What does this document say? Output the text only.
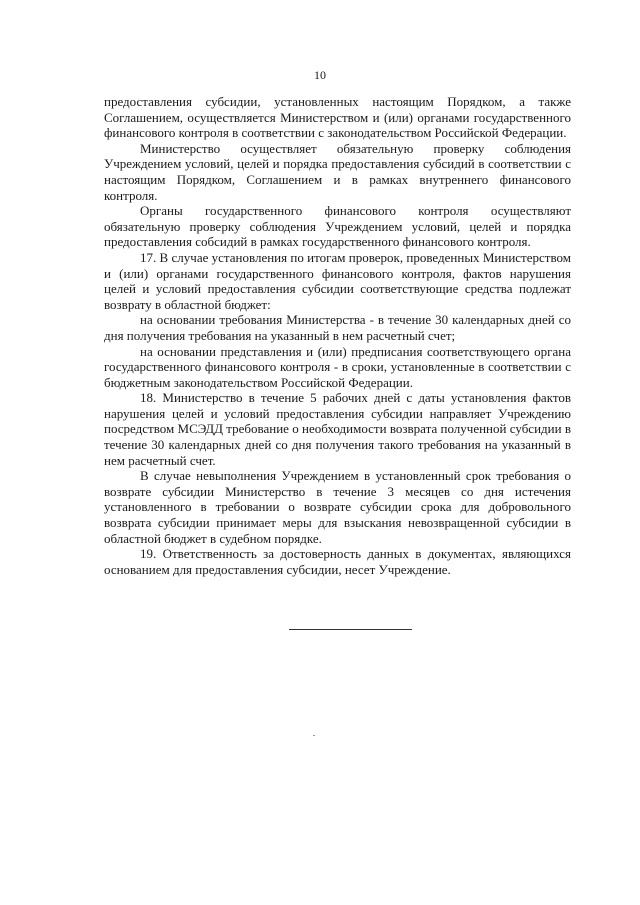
10

предоставления субсидии, установленных настоящим Порядком, а также Соглашением, осуществляется Министерством и (или) органами государственного финансового контроля в соответствии с законодательством Российской Федерации.

Министерство осуществляет обязательную проверку соблюдения Учреждением условий, целей и порядка предоставления субсидий в соответствии с настоящим Порядком, Соглашением и в рамках внутреннего финансового контроля.

Органы государственного финансового контроля осуществляют обязательную проверку соблюдения Учреждением условий, целей и порядка предоставления собсидий в рамках государственного финансового контроля.

17. В случае установления по итогам проверок, проведенных Министерством и (или) органами государственного финансового контроля, фактов нарушения целей и условий предоставления субсидии соответствующие средства подлежат возврату в областной бюджет:

на основании требования Министерства - в течение 30 календарных дней со дня получения требования на указанный в нем расчетный счет;

на основании представления и (или) предписания соответствующего органа государственного финансового контроля - в сроки, установленные в соответствии с бюджетным законодательством Российской Федерации.

18. Министерство в течение 5 рабочих дней с даты установления фактов нарушения целей и условий предоставления субсидии направляет Учреждению посредством МСЭДД требование о необходимости возврата полученной субсидии в течение 30 календарных дней со дня получения такого требования на указанный в нем расчетный счет.

В случае невыполнения Учреждением в установленный срок требования о возврате субсидии Министерство в течение 3 месяцев со дня истечения установленного в требовании о возврате субсидии срока для добровольного возврата субсидии принимает меры для взыскания невозвращенной субсидии в областной бюджет в судебном порядке.

19. Ответственность за достоверность данных в документах, являющихся основанием для предоставления субсидии, несет Учреждение.
